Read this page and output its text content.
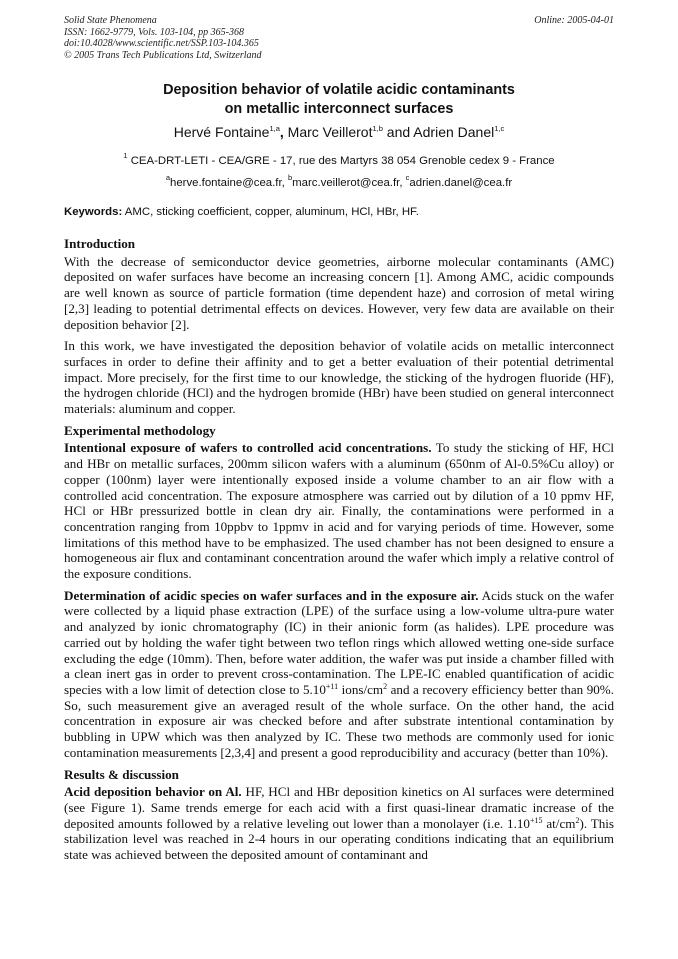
Solid State Phenomena
ISSN: 1662-9779, Vols. 103-104, pp 365-368
doi:10.4028/www.scientific.net/SSP.103-104.365
© 2005 Trans Tech Publications Ltd, Switzerland
Online: 2005-04-01
Deposition behavior of volatile acidic contaminants
on metallic interconnect surfaces
Hervé Fontaine$^{1,a}$, Marc Veillerot$^{1,b}$ and Adrien Danel$^{1,c}$
$^1$ CEA-DRT-LETI - CEA/GRE - 17, rue des Martyrs 38 054 Grenoble cedex 9 - France
$^a$herve.fontaine@cea.fr, $^b$marc.veillerot@cea.fr, $^c$adrien.danel@cea.fr
Keywords: AMC, sticking coefficient, copper, aluminum, HCl, HBr, HF.
Introduction

With the decrease of semiconductor device geometries, airborne molecular contaminants (AMC) deposited on wafer surfaces have become an increasing concern [1]. Among AMC, acidic compounds are well known as source of particle formation (time dependent haze) and corrosion of metal wiring [2,3] leading to potential detrimental effects on devices. However, very few data are available on their deposition behavior [2].

In this work, we have investigated the deposition behavior of volatile acids on metallic interconnect surfaces in order to define their affinity and to get a better evaluation of their potential detrimental impact. More precisely, for the first time to our knowledge, the sticking of the hydrogen fluoride (HF), the hydrogen chloride (HCl) and the hydrogen bromide (HBr) have been studied on general interconnect materials: aluminum and copper.

Experimental methodology

Intentional exposure of wafers to controlled acid concentrations. To study the sticking of HF, HCl and HBr on metallic surfaces, 200mm silicon wafers with a aluminum (650nm of Al-0.5%Cu alloy) or copper (100nm) layer were intentionally exposed inside a volume chamber to an air flow with a controlled acid concentration. The exposure atmosphere was carried out by dilution of a 10 ppmv HF, HCl or HBr pressurized bottle in clean dry air. Finally, the contaminations were performed in a concentration ranging from 10ppbv to 1ppmv in acid and for varying periods of time. However, some limitations of this method have to be emphasized. The used chamber has not been designed to ensure a homogeneous air flux and contaminant concentration around the wafer which imply a relative control of the exposure conditions.

Determination of acidic species on wafer surfaces and in the exposure air. Acids stuck on the wafer were collected by a liquid phase extraction (LPE) of the surface using a low-volume ultra-pure water and analyzed by ionic chromatography (IC) in their anionic form (as halides). LPE procedure was carried out by holding the wafer tight between two teflon rings which allowed wetting one-side surface excluding the edge (10mm). Then, before water addition, the wafer was put inside a chamber filled with a clean inert gas in order to prevent cross-contamination. The LPE-IC enabled quantification of acidic species with a low limit of detection close to $5.10^{+11}$ ions/$cm^2$ and a recovery efficiency better than 90%. So, such measurement give an averaged result of the whole surface. On the other hand, the acid concentration in exposure air was checked before and after substrate intentional contamination by bubbling in UPW which was then analyzed by IC. These two methods are commonly used for ionic contamination measurements [2,3,4] and present a good reproducibility and accuracy (better than 10%).

Results & discussion

Acid deposition behavior on Al. HF, HCl and HBr deposition kinetics on Al surfaces were determined (see Figure 1). Same trends emerge for each acid with a first quasi-linear dramatic increase of the deposited amounts followed by a relative leveling out lower than a monolayer (i.e. $1.10^{+15}$ $at/cm^2$). This stabilization level was reached in 2-4 hours in our operating conditions indicating that an equilibrium state was achieved between the deposited amount of contaminant and
